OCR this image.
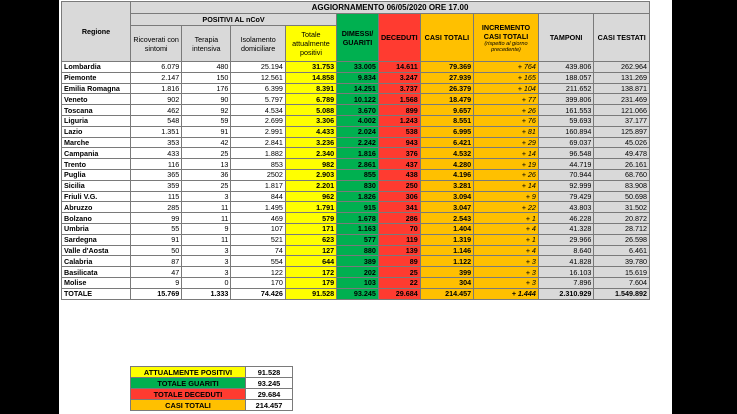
Regione	AGGIORNAMENTO 06/05/2020 ORE 17.00									
	POSITIVI AL nCoV				DIMESSI/ GUARITI	DECEDUTI	CASI TOTALI	INCREMENTO CASI TOTALI
(rispetto al giorno precedente)	TAMPONI	CASI TESTATI
	Ricoverati con sintomi	Terapia intensiva	Isolamento domiciliare	Totale attualmente positivi						
Lombardia	6.079	480	25.194	31.753	33.005	14.611	79.369	+ 764	439.806	262.964
Piemonte	2.147	150	12.561	14.858	9.834	3.247	27.939	+ 165	188.057	131.269
Emilia Romagna	1.816	176	6.399	8.391	14.251	3.737	26.379	+ 104	211.652	138.871
Veneto	902	90	5.797	6.789	10.122	1.568	18.479	+ 77	399.806	231.469
Toscana	462	92	4.534	5.088	3.670	899	9.657	+ 26	161.553	121.066
Liguria	548	59	2.699	3.306	4.002	1.243	8.551	+ 76	59.693	37.177
Lazio	1.351	91	2.991	4.433	2.024	538	6.995	+ 81	160.894	125.897
Marche	353	42	2.841	3.236	2.242	943	6.421	+ 29	69.037	45.026
Campania	433	25	1.882	2.340	1.816	376	4.532	+ 14	96.548	49.478
Trento	116	13	853	982	2.861	437	4.280	+ 19	44.719	26.161
Puglia	365	36	2502	2.903	855	438	4.196	+ 26	70.944	68.760
Sicilia	359	25	1.817	2.201	830	250	3.281	+ 14	92.999	83.908
Friuli V.G.	115	3	844	962	1.826	306	3.094	+ 9	79.429	50.698
Abruzzo	285	11	1.495	1.791	915	341	3.047	+ 22	43.803	31.502
Bolzano	99	11	469	579	1.678	286	2.543	+ 1	46.228	20.872
Umbria	55	9	107	171	1.163	70	1.404	+ 4	41.328	28.712
Sardegna	91	11	521	623	577	119	1.319	+ 1	29.966	26.598
Valle d'Aosta	50	3	74	127	880	139	1.146	+ 4	8.640	6.461
Calabria	87	3	554	644	389	89	1.122	+ 3	41.828	39.780
Basilicata	47	3	122	172	202	25	399	+ 3	16.103	15.619
Molise	9	0	170	179	103	22	304	+ 3	7.896	7.604
TOTALE	15.769	1.333	74.426	91.528	93.245	29.684	214.457	+ 1.444	2.310.929	1.549.892
ATTUALMENTE POSITIVI	91.528
TOTALE GUARITI	93.245
TOTALE DECEDUTI	29.684
CASI TOTALI	214.457
